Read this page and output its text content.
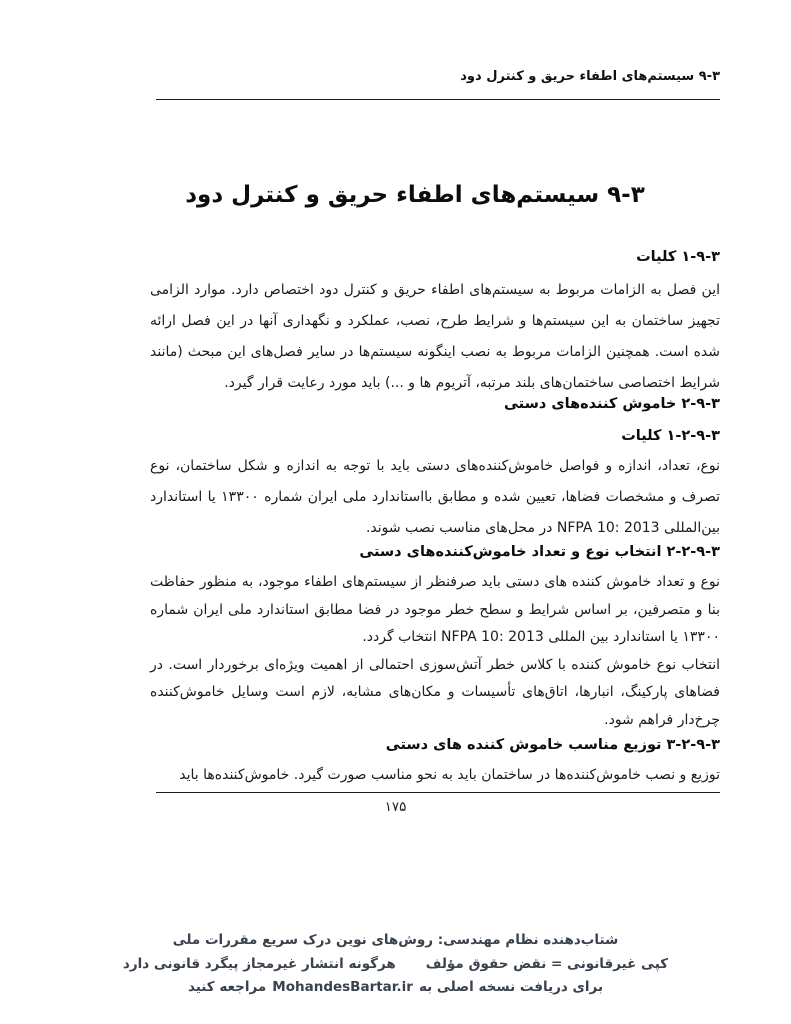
۹-۳ سیستم‌های اطفاء حریق و کنترل دود
۹-۳ سیستم‌های اطفاء حریق و کنترل دود
۱-۹-۳ کلیات
این فصل به الزامات مربوط به سیستم‌های اطفاء حریق و کنترل دود اختصاص دارد. موارد الزامی تجهیز ساختمان به این سیستم‌ها و شرایط طرح، نصب، عملکرد و نگهداری آنها در این فصل ارائه شده است. همچنین الزامات مربوط به نصب اینگونه سیستم‌ها در سایر فصل‌های این مبحث (مانند شرایط اختصاصی ساختمان‌های بلند مرتبه، آتریوم ها و ...) باید مورد رعایت قرار گیرد.
۲-۹-۳ خاموش کننده‌های دستی
۱-۲-۹-۳ کلیات
نوع، تعداد، اندازه و فواصل خاموش‌کننده‌های دستی باید با توجه به اندازه و شکل ساختمان، نوع تصرف و مشخصات فضاها، تعیین شده و مطابق بااستاندارد ملی ایران شماره ۱۳۳۰۰ یا استاندارد بین‌المللی NFPA 10: 2013 در محل‌های مناسب نصب شوند.
۲-۲-۹-۳ انتخاب نوع و تعداد خاموش‌کننده‌های دستی

نوع و تعداد خاموش کننده های دستی باید صرفنظر از سیستم‌های اطفاء موجود، به منظور حفاظت بنا و متصرفین، بر اساس شرایط و سطح خطر موجود در فضا مطابق استاندارد ملی ایران شماره ۱۳۳۰۰ یا استاندارد بین المللی NFPA 10: 2013 انتخاب گردد.

انتخاب نوع خاموش کننده با کلاس خطر آتش‌سوزی احتمالی از اهمیت ویژه‌ای برخوردار است. در فضاهای پارکینگ، انبارها، اتاق‌های تأسیسات و مکان‌های مشابه، لازم است وسایل خاموش‌کننده چرخ‌دار فراهم شود.

۳-۲-۹-۳ توزیع مناسب خاموش کننده های دستی
توزیع و نصب خاموش‌کننده‌ها در ساختمان باید به نحو مناسب صورت گیرد. خاموش‌کننده‌ها باید
۱۷۵
شتاب‌دهنده نظام مهندسی: روش‌های نوین درک سریع مقررات ملی
کپی غیرقانونی = نقض حقوق مؤلف
هرگونه انتشار غیرمجاز پیگرد قانونی دارد
برای دریافت نسخه اصلی بهMohandesBartar.irمراجعه کنید
